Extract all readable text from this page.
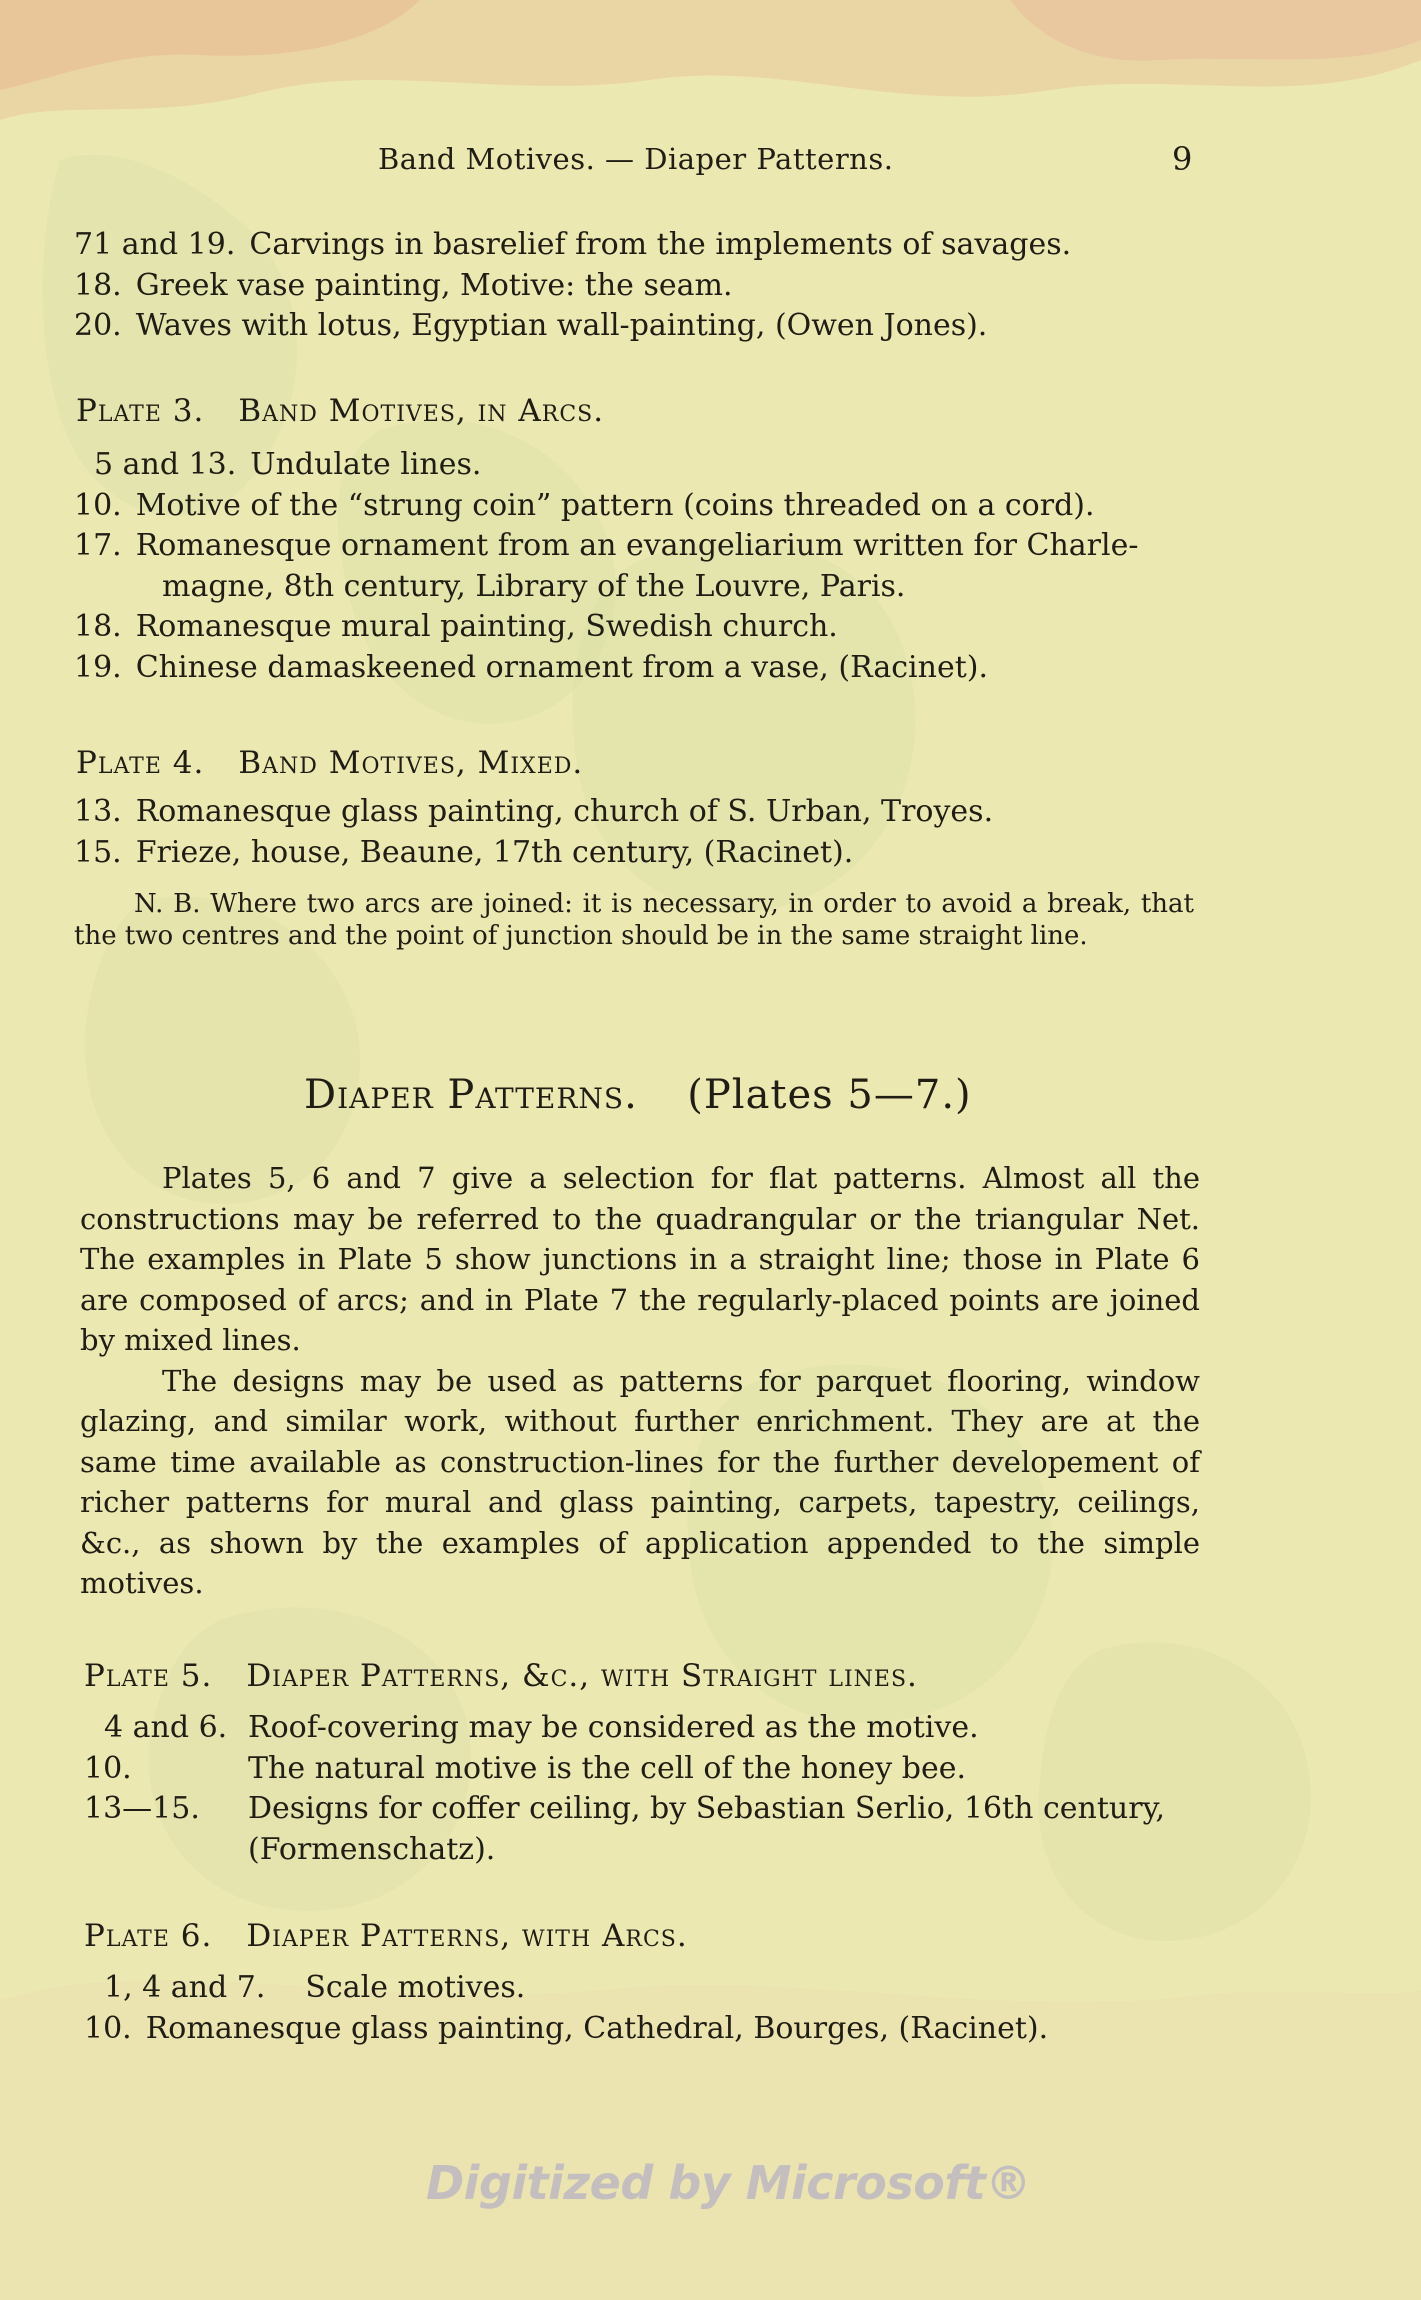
Band Motives. — Diaper Patterns.	9
71 and 19. Carvings in basrelief from the implements of savages.
18. Greek vase painting, Motive: the seam.
20. Waves with lotus, Egyptian wall-painting, (Owen Jones).
Plate 3. Band Motives, in Arcs.
5 and 13. Undulate lines.
10. Motive of the “strung coin” pattern (coins threaded on a cord).
17. Romanesque ornament from an evangeliarium written for Charle-
magne, 8th century, Library of the Louvre, Paris.
18. Romanesque mural painting, Swedish church.
19. Chinese damaskeened ornament from a vase, (Racinet).
Plate 4. Band Motives, Mixed.
13. Romanesque glass painting, church of S. Urban, Troyes.
15. Frieze, house, Beaune, 17th century, (Racinet).

N. B. Where two arcs are joined: it is necessary, in order to avoid a break, that the two centres and the point of junction should be in the same straight line.

Diaper Patterns. (Plates 5—7.)

Plates 5, 6 and 7 give a selection for flat patterns. Almost all the constructions may be referred to the quadrangular or the triangular Net. The examples in Plate 5 show junctions in a straight line; those in Plate 6 are composed of arcs; and in Plate 7 the regularly-placed points are joined by mixed lines.

The designs may be used as patterns for parquet flooring, window glazing, and similar work, without further enrichment. They are at the same time available as construction-lines for the further developement of richer patterns for mural and glass painting, carpets, tapestry, ceilings, &c., as shown by the examples of application appended to the simple motives.

Plate 5. Diaper Patterns, &c., with Straight lines.
4 and 6. Roof-covering may be considered as the motive.
10.	The natural motive is the cell of the honey bee.
13—15.	Designs for coffer ceiling, by Sebastian Serlio, 16th century,
(Formenschatz).
Plate 6. Diaper Patterns, with Arcs.
1, 4 and 7.	Scale motives.
10. Romanesque glass painting, Cathedral, Bourges, (Racinet).
Digitized by Microsoft®
